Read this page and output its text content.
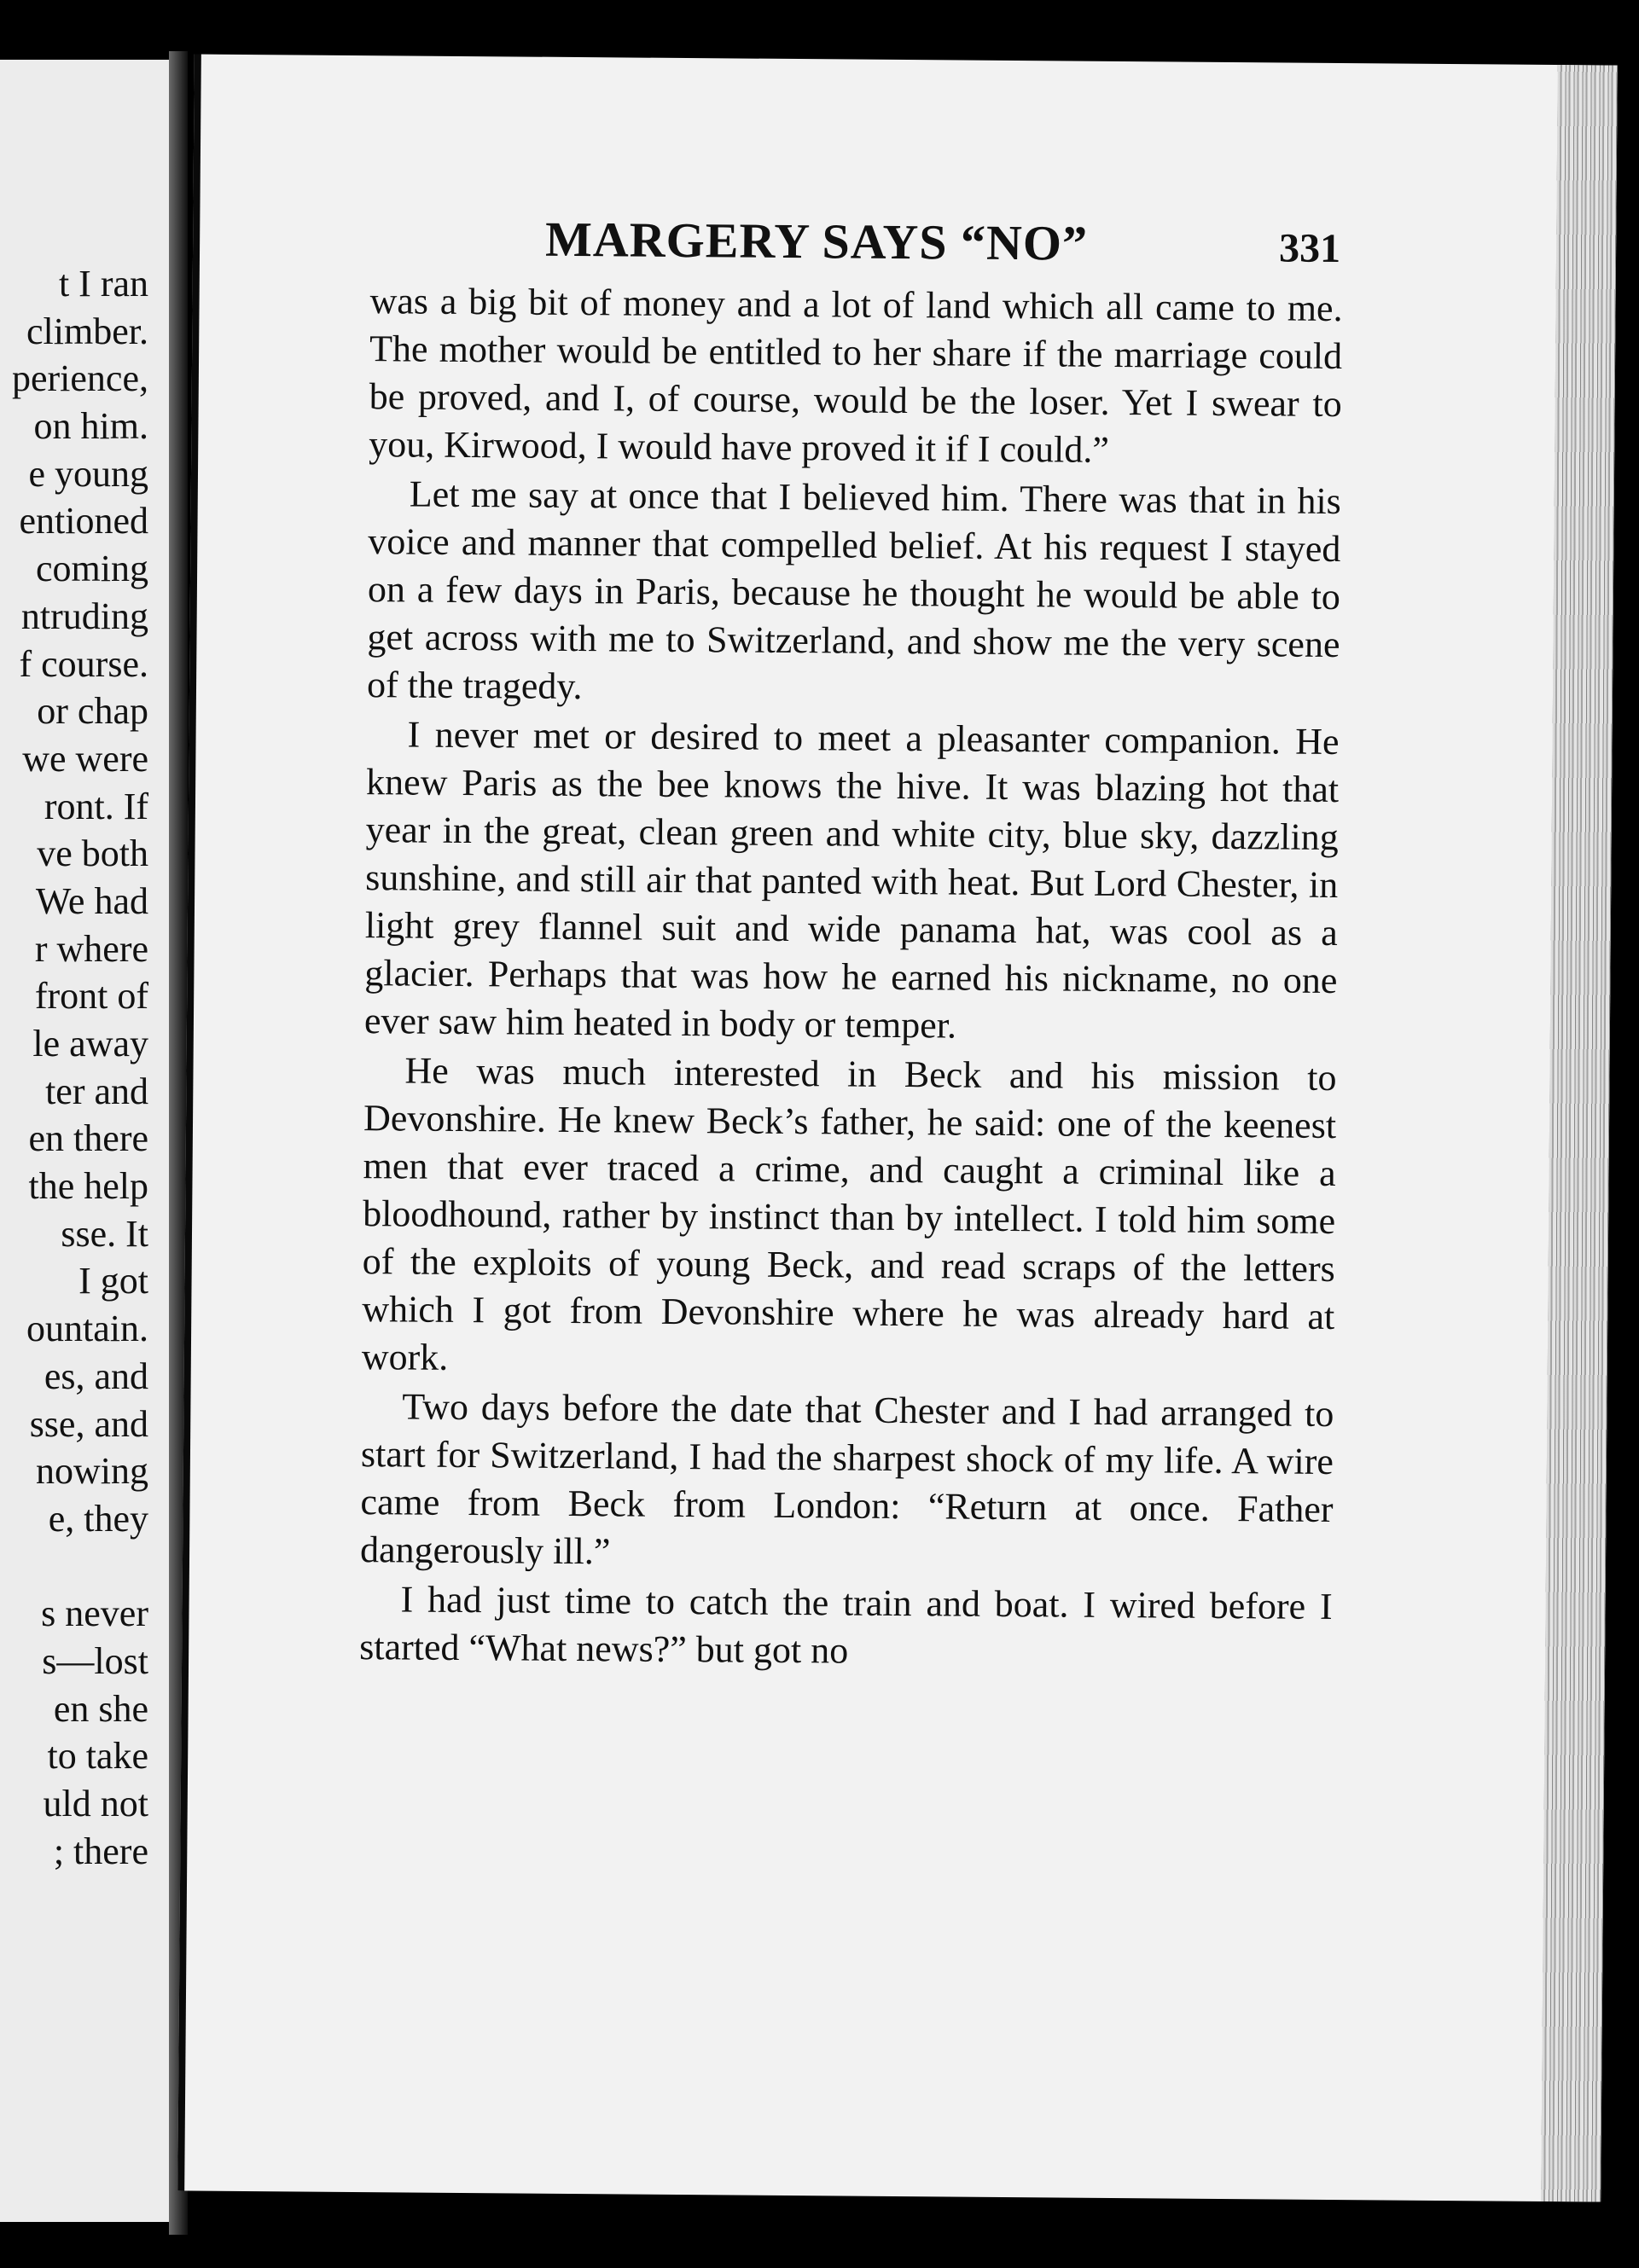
t I ran
climber.
perience,
on him.
e young
entioned
coming
ntruding
f course.
or chap
we were
ront. If
ve both
We had
r where
front of
le away
ter and
en there
the help
sse. It
I got
ountain.
es, and
sse, and
nowing
e, they
s never
s—lost
en she
to take
uld not
; there
MARGERY SAYS “NO”	331

was a big bit of money and a lot of land which all came to me. The mother would be entitled to her share if the marriage could be proved, and I, of course, would be the loser. Yet I swear to you, Kirwood, I would have proved it if I could.”

Let me say at once that I believed him. There was that in his voice and manner that compelled belief. At his request I stayed on a few days in Paris, because he thought he would be able to get across with me to Switzerland, and show me the very scene of the tragedy.

I never met or desired to meet a pleasanter companion. He knew Paris as the bee knows the hive. It was blazing hot that year in the great, clean green and white city, blue sky, dazzling sunshine, and still air that panted with heat. But Lord Chester, in light grey flannel suit and wide panama hat, was cool as a glacier. Perhaps that was how he earned his nickname, no one ever saw him heated in body or temper.

He was much interested in Beck and his mission to Devonshire. He knew Beck’s father, he said: one of the keenest men that ever traced a crime, and caught a criminal like a bloodhound, rather by instinct than by intellect. I told him some of the exploits of young Beck, and read scraps of the letters which I got from Devonshire where he was already hard at work.

Two days before the date that Chester and I had arranged to start for Switzerland, I had the sharpest shock of my life. A wire came from Beck from London: “Return at once. Father dangerously ill.”

I had just time to catch the train and boat. I wired before I started “What news?” but got no
